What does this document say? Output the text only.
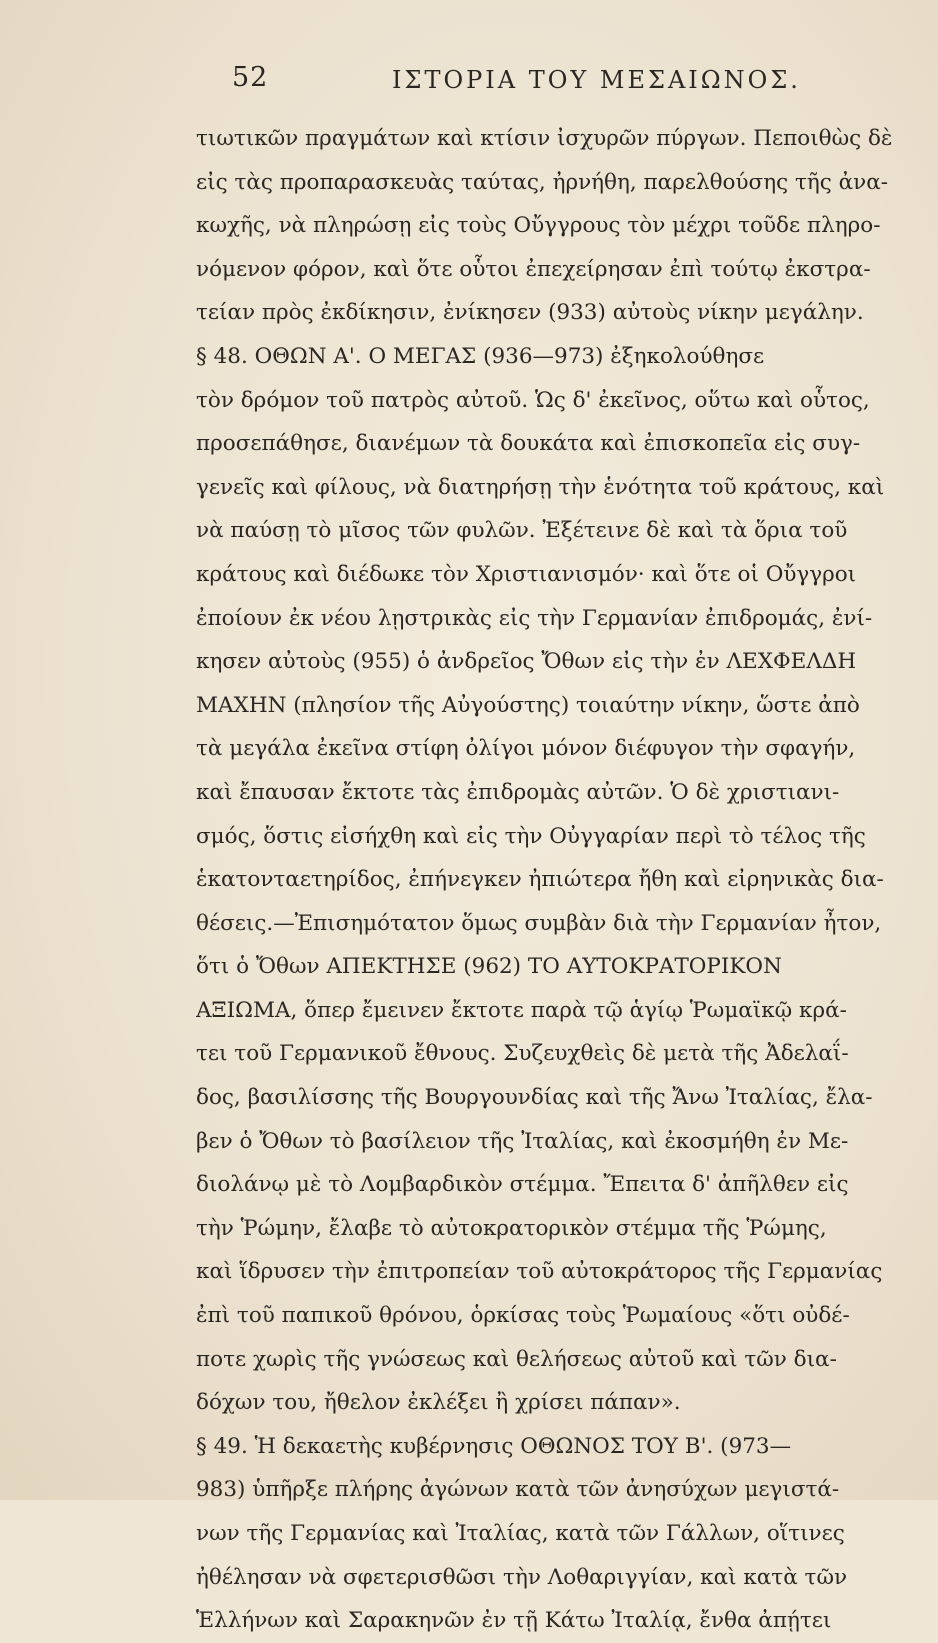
52	ΙΣΤΟΡΙΑ ΤΟΥ ΜΕΣΑΙΩΝΟΣ.
τιωτικῶν πραγμάτων καὶ κτίσιν ἰσχυρῶν πύργων. Πεποιθὼς δὲ
εἰς τὰς προπαρασκευὰς ταύτας, ἠρνήθη, παρελθούσης τῆς ἀνα-
κωχῆς, νὰ πληρώσῃ εἰς τοὺς Οὔγγρους τὸν μέχρι τοῦδε πληρο-
νόμενον φόρον, καὶ ὅτε οὗτοι ἐπεχείρησαν ἐπὶ τούτῳ ἐκστρα-
τείαν πρὸς ἐκδίκησιν, ἐνίκησεν (933) αὐτοὺς νίκην μεγάλην.
§ 48. ΟΘΩΝ Α'. Ο ΜΕΓΑΣ (936—973) ἐξηκολούθησε
τὸν δρόμον τοῦ πατρὸς αὐτοῦ. Ὡς δ' ἐκεῖνος, οὕτω καὶ οὗτος,
προσεπάθησε, διανέμων τὰ δουκάτα καὶ ἐπισκοπεῖα εἰς συγ-
γενεῖς καὶ φίλους, νὰ διατηρήσῃ τὴν ἑνότητα τοῦ κράτους, καὶ
νὰ παύσῃ τὸ μῖσος τῶν φυλῶν. Ἐξέτεινε δὲ καὶ τὰ ὅρια τοῦ
κράτους καὶ διέδωκε τὸν Χριστιανισμόν· καὶ ὅτε οἱ Οὔγγροι
ἐποίουν ἐκ νέου λῃστρικὰς εἰς τὴν Γερμανίαν ἐπιδρομάς, ἐνί-
κησεν αὐτοὺς (955) ὁ ἀνδρεῖος Ὄθων εἰς τὴν ἐν ΛΕΧΦΕΛΔΗ
ΜΑΧΗΝ (πλησίον τῆς Αὐγούστης) τοιαύτην νίκην, ὥστε ἀπὸ
τὰ μεγάλα ἐκεῖνα στίφη ὀλίγοι μόνον διέφυγον τὴν σφαγήν,
καὶ ἔπαυσαν ἔκτοτε τὰς ἐπιδρομὰς αὐτῶν. Ὁ δὲ χριστιανι-
σμός, ὅστις εἰσήχθη καὶ εἰς τὴν Οὐγγαρίαν περὶ τὸ τέλος τῆς
ἑκατονταετηρίδος, ἐπήνεγκεν ἠπιώτερα ἤθη καὶ εἰρηνικὰς δια-
θέσεις.—Ἐπισημότατον ὅμως συμβὰν διὰ τὴν Γερμανίαν ἦτον,
ὅτι ὁ Ὄθων ΑΠΕΚΤΗΣΕ (962) ΤΟ ΑΥΤΟΚΡΑΤΟΡΙΚΟΝ
ΑΞΙΩΜΑ, ὅπερ ἔμεινεν ἔκτοτε παρὰ τῷ ἁγίῳ Ῥωμαϊκῷ κρά-
τει τοῦ Γερμανικοῦ ἔθνους. Συζευχθεὶς δὲ μετὰ τῆς Ἀδελαΐ-
δος, βασιλίσσης τῆς Βουργουνδίας καὶ τῆς Ἄνω Ἰταλίας, ἔλα-
βεν ὁ Ὄθων τὸ βασίλειον τῆς Ἰταλίας, καὶ ἐκοσμήθη ἐν Με-
διολάνῳ μὲ τὸ Λομβαρδικὸν στέμμα. Ἔπειτα δ' ἀπῆλθεν εἰς
τὴν Ῥώμην, ἔλαβε τὸ αὐτοκρατορικὸν στέμμα τῆς Ῥώμης,
καὶ ἵδρυσεν τὴν ἐπιτροπείαν τοῦ αὐτοκράτορος τῆς Γερμανίας
ἐπὶ τοῦ παπικοῦ θρόνου, ὁρκίσας τοὺς Ῥωμαίους «ὅτι οὐδέ-
ποτε χωρὶς τῆς γνώσεως καὶ θελήσεως αὐτοῦ καὶ τῶν δια-
δόχων του, ἤθελον ἐκλέξει ἢ χρίσει πάπαν».
§ 49. Ἡ δεκαετὴς κυβέρνησις ΟΘΩΝΟΣ ΤΟΥ Β'. (973—
983) ὑπῆρξε πλήρης ἀγώνων κατὰ τῶν ἀνησύχων μεγιστά-
νων τῆς Γερμανίας καὶ Ἰταλίας, κατὰ τῶν Γάλλων, οἵτινες
ἠθέλησαν νὰ σφετερισθῶσι τὴν Λοθαριγγίαν, καὶ κατὰ τῶν
Ἑλλήνων καὶ Σαρακηνῶν ἐν τῇ Κάτω Ἰταλίᾳ, ἔνθα ἀπῄτει
